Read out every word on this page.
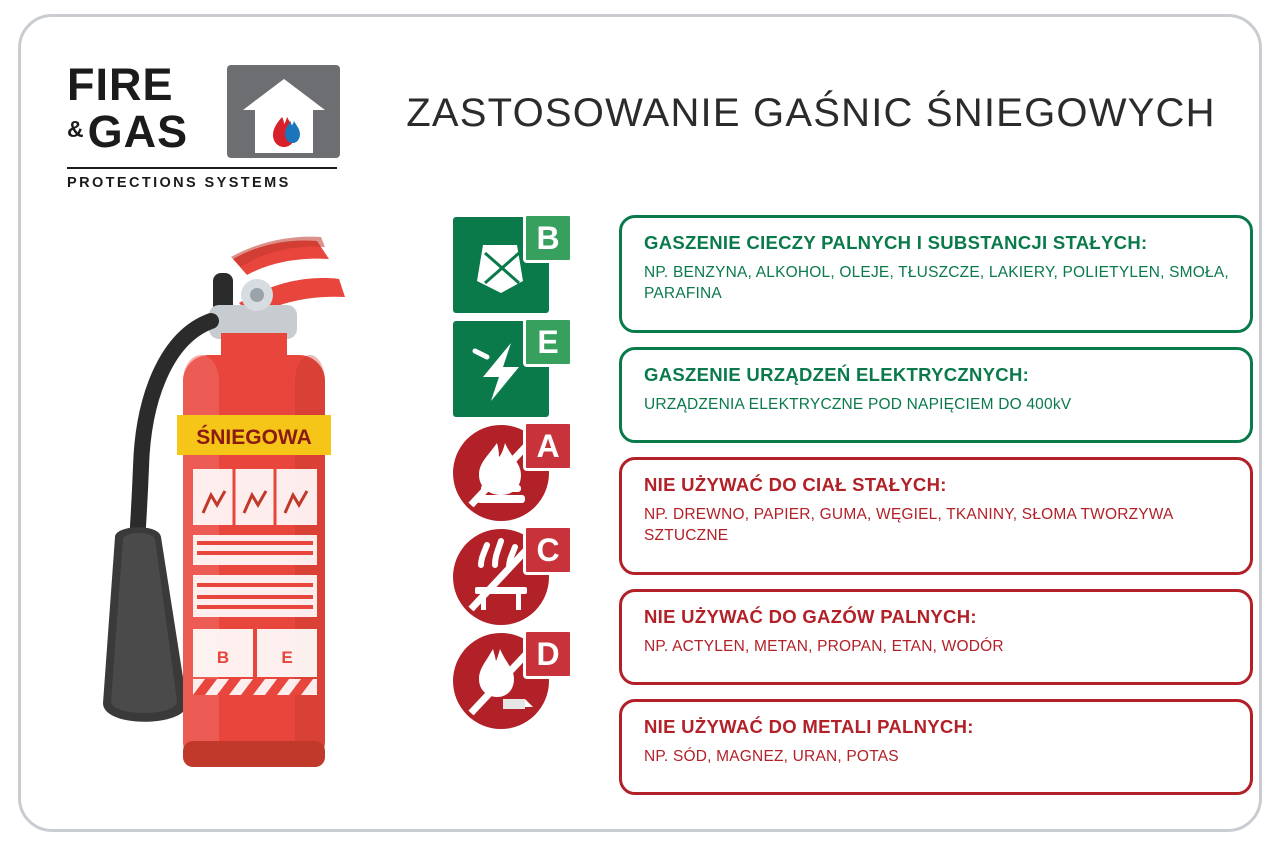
FIRE
& GAS
PROTECTIONS SYSTEMS
ZASTOSOWANIE GAŚNIC ŚNIEGOWYCH
ŚNIEGOWA
B	E
B
E
A
C
D
GASZENIE CIECZY PALNYCH I SUBSTANCJI STAŁYCH:

NP. BENZYNA, ALKOHOL, OLEJE, TŁUSZCZE, LAKIERY, POLIETYLEN, SMOŁA, PARAFINA

GASZENIE URZĄDZEŃ ELEKTRYCZNYCH:

URZĄDZENIA ELEKTRYCZNE POD NAPIĘCIEM DO 400kV

NIE UŻYWAĆ DO CIAŁ STAŁYCH:

NP. DREWNO, PAPIER, GUMA, WĘGIEL, TKANINY, SŁOMA TWORZYWA SZTUCZNE

NIE UŻYWAĆ DO GAZÓW PALNYCH:

NP. ACTYLEN, METAN, PROPAN, ETAN, WODÓR

NIE UŻYWAĆ DO METALI PALNYCH:

NP. SÓD, MAGNEZ, URAN, POTAS
